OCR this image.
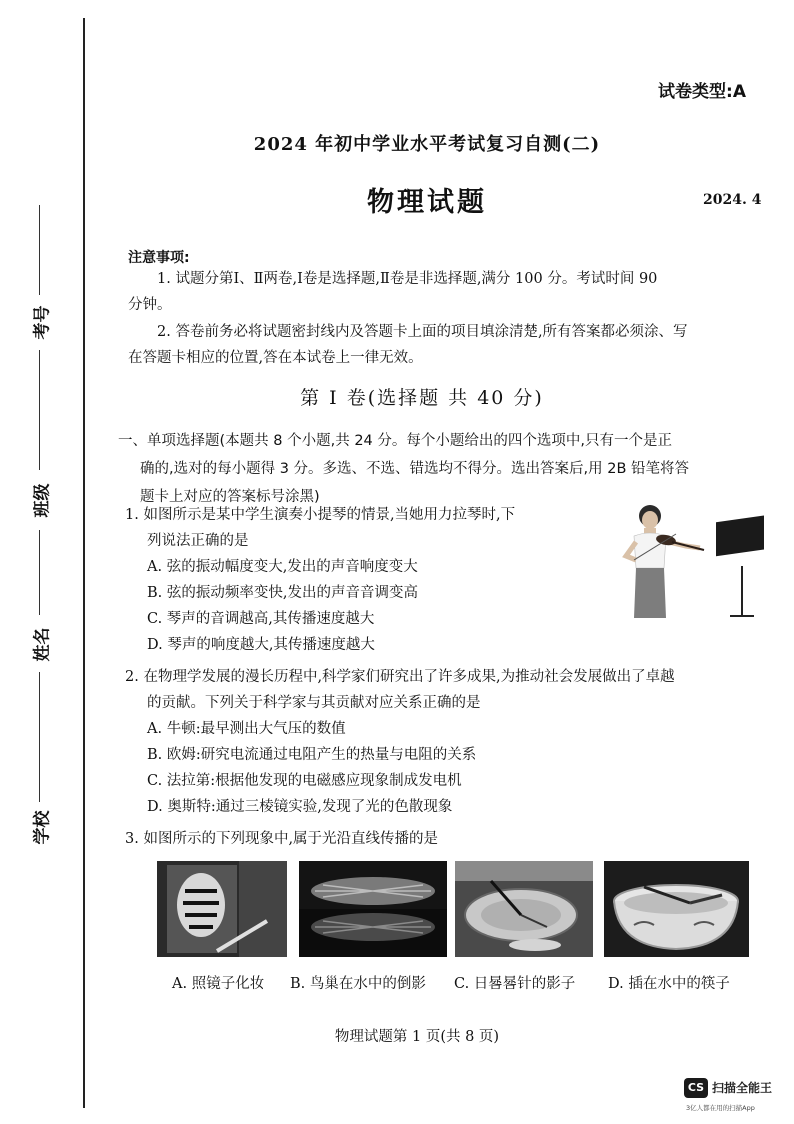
考号
班级
姓名
学校
试卷类型:A
2024 年初中学业水平考试复习自测(二)
物理试题	2024. 4
注意事项:
1. 试题分第Ⅰ、Ⅱ两卷,Ⅰ卷是选择题,Ⅱ卷是非选择题,满分 100 分。考试时间 90
分钟。
2. 答卷前务必将试题密封线内及答题卡上面的项目填涂清楚,所有答案都必须涂、写
在答题卡相应的位置,答在本试卷上一律无效。
第 Ⅰ 卷(选择题 共 40 分)
一、单项选择题(本题共 8 个小题,共 24 分。每个小题给出的四个选项中,只有一个是正
确的,选对的每小题得 3 分。多选、不选、错选均不得分。选出答案后,用 2B 铅笔将答
题卡上对应的答案标号涂黑)
1. 如图所示是某中学生演奏小提琴的情景,当她用力拉琴时,下
列说法正确的是
A. 弦的振动幅度变大,发出的声音响度变大
B. 弦的振动频率变快,发出的声音音调变高
C. 琴声的音调越高,其传播速度越大
D. 琴声的响度越大,其传播速度越大
2. 在物理学发展的漫长历程中,科学家们研究出了许多成果,为推动社会发展做出了卓越
的贡献。下列关于科学家与其贡献对应关系正确的是
A. 牛顿:最早测出大气压的数值
B. 欧姆:研究电流通过电阻产生的热量与电阻的关系
C. 法拉第:根据他发现的电磁感应现象制成发电机
D. 奥斯特:通过三棱镜实验,发现了光的色散现象
3. 如图所示的下列现象中,属于光沿直线传播的是
A. 照镜子化妆 B. 鸟巢在水中的倒影 C. 日晷晷针的影子 D. 插在水中的筷子
物理试题第 1 页(共 8 页)
CS 扫描全能王
3亿人都在用的扫描App
